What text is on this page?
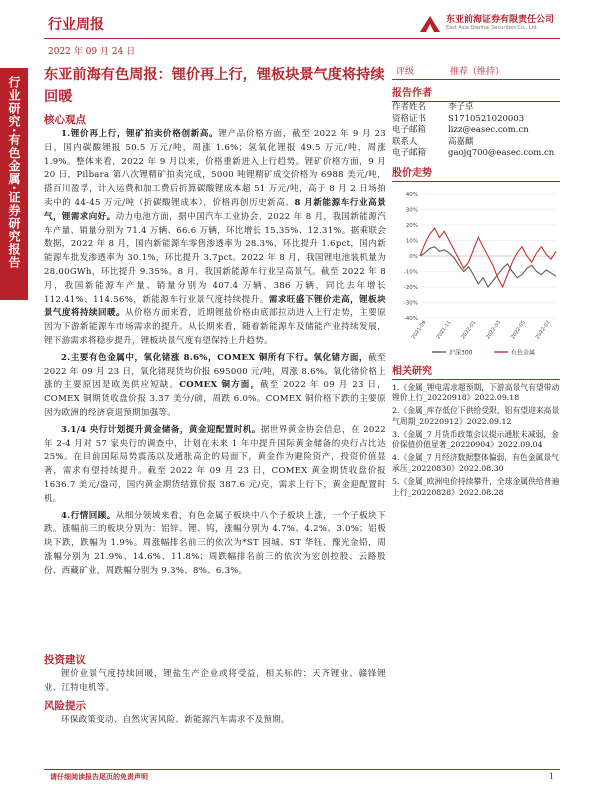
行业周报	东亚前海证券有限责任公司
East Asia Qianhai Securities Co., Ltd.
2022 年 09 月 24 日
行业研究·有色金属·证券研究报告
东亚前海有色周报：锂价再上行，锂板块景气度将持续回暖
核心观点

1.锂价再上行，锂矿拍卖价格创新高。锂产品价格方面，截至 2022 年 9 月 23 日，国内碳酸锂报 50.5 万元/吨，周涨 1.6%；氢氧化锂报 49.5 万元/吨，周涨 1.9%。整体来看，2022 年 9 月以来，价格重新进入上行趋势。锂矿价格方面，9 月 20 日，Pilbara 第八次锂精矿拍卖完成，5000 吨锂精矿成交价格为 6988 美元/吨，搭百川盈孚，计入运费和加工费后折算碳酸锂成本超 51 万元/吨，高于 8 月 2 日场拍卖中的 44-45 万元/吨（折碳酸锂成本），价格再创历史新高。8 月新能源车行业高景气，锂需求向好。动力电池方面，据中国汽车工业协会，2022 年 8 月，我国新能源汽车产量、销量分别为 71.4 万辆、66.6 万辆，环比增长 15.35%、12.31%。据乘联会数据，2022 年 8 月，国内新能源车零售渗透率为 28.3%，环比提升 1.6pct，国内新能源车批发渗透率为 30.1%，环比提升 3.7pct。2022 年 8 月，我国锂电池装机量为 28.00GWh，环比提升 9.35%。8 月，我国新能源车行业呈高景气。截至 2022 年 8 月，我国新能源车产量、销量分别为 407.4 万辆、386 万辆，同比去年增长 112.41%、114.56%，新能源车行业景气度持续提升。需求旺盛下锂价走高，锂板块景气度将持续回暖。从价格方面来看，近期锂盐价格由底部拉动进入上行走势，主要原因为下游新能源车市场需求的提升。从长期来看，随着新能源车及储能产业持续发展，锂下游需求将稳步提升，锂板块景气度有望保持上升趋势。

2.主要有色金属中，氧化锗涨 8.6%，COMEX 铜所有下行。氧化锗方面，截至 2022 年 09 月 23 日，氧化锗现货均价报 695000 元/吨，周涨 8.6%。氧化锗价格上涨的主要原因是欧美供应短缺。COMEX 铜方面，截至 2022 年 09 月 23 日，COMEX 铜期货收盘价报 3.37 美分/磅，周跌 6.0%。COMEX 铜价格下跌的主要原因为欧洲的经济衰退预期加强等。

3.1/4 央行计划提升黄金储备，黄金迎配置时机。据世界黄金协会信息，在 2022 年 2-4 月对 57 家央行的调查中，计划在未来 1 年中提升国际黄金储备的央行占比达 25%。在目前国际局势震荡以及通胀高企的局面下，黄金作为避险资产，投资价值显著，需求有望持续提升。截至 2022 年 09 月 23 日，COMEX 黄金期货收盘价报 1636.7 美元/盎司，国内黄金期货结算价报 387.6 元/克，需求上行下，黄金迎配置时机。

4.行情回顾。从细分领域来看，有色金属子板块中八个子板块上涨，一个子板块下跌。涨幅前三的板块分别为：铝锌、锂、钨，涨幅分别为 4.7%、4.2%、3.0%；铝板块下跌，跌幅为 1.9%。周涨幅排名前三的依次为*ST 园城、ST 华钰、豫光金铅，周涨幅分别为 21.9%、14.6%、11.8%；周跌幅排名前三的依次为宏创控股、云路股份、西藏矿业，周跌幅分别为 9.3%、8%、6.3%。

投资建议

锂价业景气度持续回暖，锂盐生产企业或将受益，相关标的：天齐锂业、赣锋锂业、江特电机等。

风险提示

环保政策变动、自然灾害风险、新能源汽车需求不及预期。

评级	推荐（维持）
报告作者
作者姓名	李子卓
资格证书	S1710521020003
电子邮箱	lizz@easec.com.cn
联系人	高嘉麒
电子邮箱	gaojq700@easec.com.cn
股价走势
40%
30%
20%
10%
0%
-10%
-20%
-30%
-40%
2021-09 2021-11 2022-01 2022-03 2022-05 2022-07
沪深300	有色金属
相关研究

1.《金属_锂电需求超预期，下游高景气有望带动锂价上行_20220918》2022.09.18

2.《金属_库存低位下供给受限，铝有望迎来高景气周期_20220912》2022.09.12

3.《金属_7 月货币政策会议提示通胀未减弱，金价保值价值显著_20220904》2022.09.04

4.《金属_7 月经济数据整体偏弱，有色金属景气承压_20220830》2022.08.30

5.《金属_欧洲电价持续攀升，全球金属供给普遍上行_20220828》2022.08.28

请仔细阅读报告尾页的免责声明	1
